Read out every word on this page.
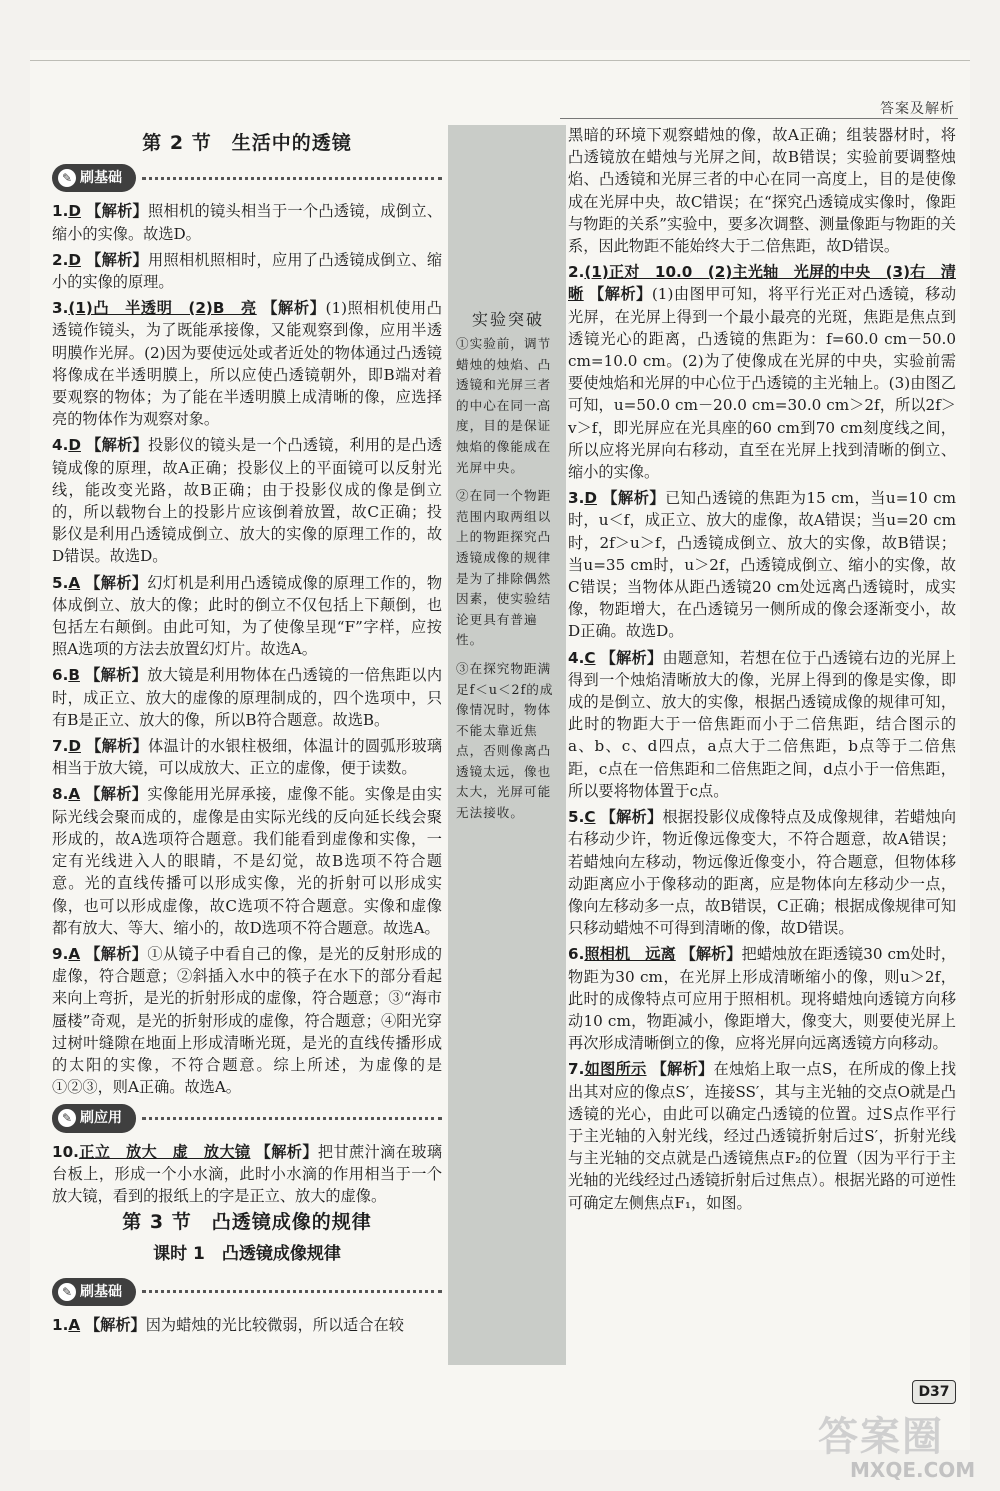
答案及解析
第 2 节　生活中的透镜
✎ 刷基础
1.D 【解析】照相机的镜头相当于一个凸透镜，成倒立、缩小的实像。故选D。
2.D 【解析】用照相机照相时，应用了凸透镜成倒立、缩小的实像的原理。
3.(1)凸　半透明　(2)B　亮 【解析】(1)照相机使用凸透镜作镜头，为了既能承接像，又能观察到像，应用半透明膜作光屏。(2)因为要使远处或者近处的物体通过凸透镜将像成在半透明膜上，所以应使凸透镜朝外，即B端对着要观察的物体；为了能在半透明膜上成清晰的像，应选择亮的物体作为观察对象。
4.D 【解析】投影仪的镜头是一个凸透镜，利用的是凸透镜成像的原理，故A正确；投影仪上的平面镜可以反射光线，能改变光路，故B正确；由于投影仪成的像是倒立的，所以载物台上的投影片应该倒着放置，故C正确；投影仪是利用凸透镜成倒立、放大的实像的原理工作的，故D错误。故选D。
5.A 【解析】幻灯机是利用凸透镜成像的原理工作的，物体成倒立、放大的像；此时的倒立不仅包括上下颠倒，也包括左右颠倒。由此可知，为了使像呈现“F”字样，应按照A选项的方法去放置幻灯片。故选A。
6.B 【解析】放大镜是利用物体在凸透镜的一倍焦距以内时，成正立、放大的虚像的原理制成的，四个选项中，只有B是正立、放大的像，所以B符合题意。故选B。
7.D 【解析】体温计的水银柱极细，体温计的圆弧形玻璃相当于放大镜，可以成放大、正立的虚像，便于读数。
8.A 【解析】实像能用光屏承接，虚像不能。实像是由实际光线会聚而成的，虚像是由实际光线的反向延长线会聚形成的，故A选项符合题意。我们能看到虚像和实像，一定有光线进入人的眼睛，不是幻觉，故B选项不符合题意。光的直线传播可以形成实像，光的折射可以形成实像，也可以形成虚像，故C选项不符合题意。实像和虚像都有放大、等大、缩小的，故D选项不符合题意。故选A。
9.A 【解析】①从镜子中看自己的像，是光的反射形成的虚像，符合题意；②斜插入水中的筷子在水下的部分看起来向上弯折，是光的折射形成的虚像，符合题意；③“海市蜃楼”奇观，是光的折射形成的虚像，符合题意；④阳光穿过树叶缝隙在地面上形成清晰光斑，是光的直线传播形成的太阳的实像，不符合题意。综上所述，为虚像的是①②③，则A正确。故选A。
✎ 刷应用
10.正立　放大　虚　放大镜 【解析】把甘蔗汁滴在玻璃台板上，形成一个小水滴，此时小水滴的作用相当于一个放大镜，看到的报纸上的字是正立、放大的虚像。
第 3 节　凸透镜成像的规律
课时 1　凸透镜成像规律
✎ 刷基础
1.A 【解析】因为蜡烛的光比较微弱，所以适合在较
实验突破

①实验前，调节蜡烛的烛焰、凸透镜和光屏三者的中心在同一高度，目的是保证烛焰的像能成在光屏中央。

②在同一个物距范围内取两组以上的物距探究凸透镜成像的规律是为了排除偶然因素，使实验结论更具有普遍性。

③在探究物距满足f＜u＜2f的成像情况时，物体不能太靠近焦点，否则像离凸透镜太远，像也太大，光屏可能无法接收。

黑暗的环境下观察蜡烛的像，故A正确；组装器材时，将凸透镜放在蜡烛与光屏之间，故B错误；实验前要调整烛焰、凸透镜和光屏三者的中心在同一高度上，目的是使像成在光屏中央，故C错误；在“探究凸透镜成实像时，像距与物距的关系”实验中，要多次调整、测量像距与物距的关系，因此物距不能始终大于二倍焦距，故D错误。
2.(1)正对　10.0　(2)主光轴　光屏的中央　(3)右　清晰 【解析】(1)由图甲可知，将平行光正对凸透镜，移动光屏，在光屏上得到一个最小最亮的光斑，焦距是焦点到透镜光心的距离，凸透镜的焦距为：f=60.0 cm－50.0 cm=10.0 cm。(2)为了使像成在光屏的中央，实验前需要使烛焰和光屏的中心位于凸透镜的主光轴上。(3)由图乙可知，u=50.0 cm－20.0 cm=30.0 cm＞2f，所以2f＞v＞f，即光屏应在光具座的60 cm到70 cm刻度线之间，所以应将光屏向右移动，直至在光屏上找到清晰的倒立、缩小的实像。
3.D 【解析】已知凸透镜的焦距为15 cm，当u=10 cm时，u＜f，成正立、放大的虚像，故A错误；当u=20 cm时，2f＞u＞f，凸透镜成倒立、放大的实像，故B错误；当u=35 cm时，u＞2f，凸透镜成倒立、缩小的实像，故C错误；当物体从距凸透镜20 cm处远离凸透镜时，成实像，物距增大，在凸透镜另一侧所成的像会逐渐变小，故D正确。故选D。
4.C 【解析】由题意知，若想在位于凸透镜右边的光屏上得到一个烛焰清晰放大的像，光屏上得到的像是实像，即成的是倒立、放大的实像，根据凸透镜成像的规律可知，此时的物距大于一倍焦距而小于二倍焦距，结合图示的a、b、c、d四点，a点大于二倍焦距，b点等于二倍焦距，c点在一倍焦距和二倍焦距之间，d点小于一倍焦距，所以要将物体置于c点。
5.C 【解析】根据投影仪成像特点及成像规律，若蜡烛向右移动少许，物近像远像变大，不符合题意，故A错误；若蜡烛向左移动，物远像近像变小，符合题意，但物体移动距离应小于像移动的距离，应是物体向左移动少一点，像向左移动多一点，故B错误，C正确；根据成像规律可知只移动蜡烛不可得到清晰的像，故D错误。
6.照相机　远离 【解析】把蜡烛放在距透镜30 cm处时，物距为30 cm，在光屏上形成清晰缩小的像，则u＞2f，此时的成像特点可应用于照相机。现将蜡烛向透镜方向移动10 cm，物距减小，像距增大，像变大，则要使光屏上再次形成清晰倒立的像，应将光屏向远离透镜方向移动。
7.如图所示 【解析】在烛焰上取一点S，在所成的像上找出其对应的像点S′，连接SS′，其与主光轴的交点O就是凸透镜的光心，由此可以确定凸透镜的位置。过S点作平行于主光轴的入射光线，经过凸透镜折射后过S′，折射光线与主光轴的交点就是凸透镜焦点F₂的位置（因为平行于主光轴的光线经过凸透镜折射后过焦点）。根据光路的可逆性可确定左侧焦点F₁，如图。
D37
答案圈
MXQE.COM
